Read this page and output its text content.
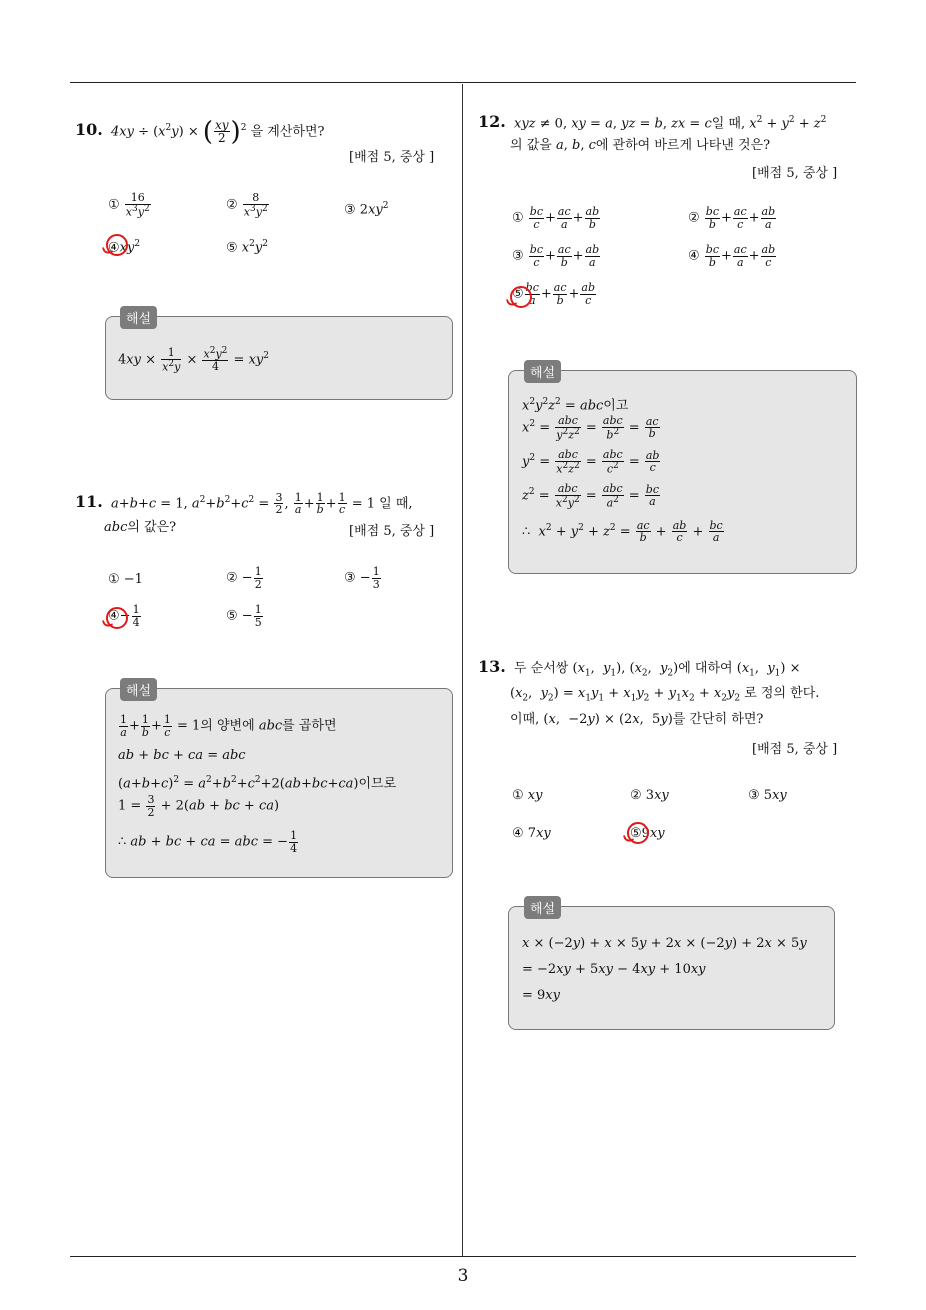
10. $4xy \div (x^2y)$ × ( $\frac{xy}{2} )^2$ 을 계산하면?
[배점 5, 중상 ]
① $\frac{16}{x^3y^2}$	② $\frac{8}{x^3y^2}$	③ $2xy^2$
$④xy^2$	⑤ $x^2y^2$
해설
$4xy \times \frac{1}{x^2y} \times \frac{x^2y^2}{4} = xy^2$
11. a+b+c = 1, $a^2+b^2+c^2 = \frac{3}{2}$ , $\frac{1}{a} + \frac{1}{b} + \frac{1}{c} = 1$ 일 때,
abc의 값은?	[배점 5, 중상 ]
① −1	② − $\frac{1}{2}$	③ − $\frac{1}{3}$
④− $\frac{1}{4}$	⑤ − $\frac{1}{5}$
해설
$\frac{1}{a} + \frac{1}{b} + \frac{1}{c} = 1$의 양변에 abc를 곱하면
ab + bc + ca = abc
$(a+b+c)^2 = a^2+b^2+c^2+2(ab+bc+ca)$이므로
$1 = \frac{3}{2} + 2(ab$ + bc + ca)
∴ ab + bc + ca = abc = − $\frac{1}{4}$
12. xyz ≠ 0, xy = a, yz = b, zx = c일 때, $x^2 + y^2 + z^2$
의 값을 a, b, c에 관하여 바르게 나타낸 것은?
[배점 5, 중상 ]
① $\frac{bc}{c} + \frac{ac}{a} + \frac{ab}{b}$	② $\frac{bc}{b} + \frac{ac}{c} + \frac{ab}{a}$
③ $\frac{bc}{c} + \frac{ac}{b} + \frac{ab}{a}$	④ $\frac{bc}{b} + \frac{ac}{a} + \frac{ab}{c}$
⑤ $\frac{bc}{a} + \frac{ac}{b} + \frac{ab}{c}$
해설
$x^2y^2z^2$ = abc이고
$x^2 = \frac{\text{abc}}{y^2z^2} = \frac{\text{abc}}{b^2} = \frac{ac}{b}$
$y^2 = \frac{\text{abc}}{x^2z^2} = \frac{\text{abc}}{c^2} = \frac{ab}{c}$
$z^2 = \frac{\text{abc}}{x^2y^2} = \frac{\text{abc}}{a^2} = \frac{bc}{a}$
∴  $x^2 + y^2 + z^2 = \frac{ac}{b} + \frac{ab}{c} + \frac{bc}{a}$
13. 두 순서쌍 ($x_1$,  $y_1$), ($x_2$,  $y_2$)에 대하여 ($x_1$,  $y_1$) ×
($x_2$,  $y_2) = x_1y_1 + x_1y_2 + y_1x_2 + x_2y_2$ 로 정의 한다.
이때, (x,  −2y) × (2x,  5y)를 간단히 하면?
[배점 5, 중상 ]
① xy	② 3xy	③ 5xy
④ 7xy	⑤9xy
해설
x × (−2y) + x × 5y + 2x × (−2y) + 2x × 5y
= −2xy + 5xy − 4xy + 10xy
= 9xy
3
